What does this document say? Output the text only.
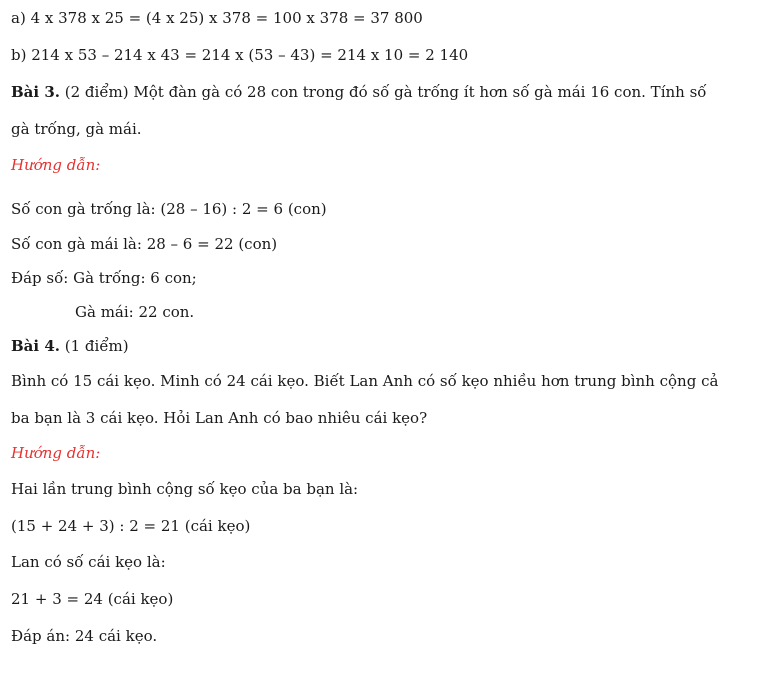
a) 4 x 378 x 25 = (4 x 25) x 378 = 100 x 378 = 37 800
b) 214 x 53 – 214 x 43 = 214 x (53 – 43) = 214 x 10 = 2 140
Bài 3. (2 điểm) Một đàn gà có 28 con trong đó số gà trống ít hơn số gà mái 16 con. Tính số
gà trống, gà mái.
Hướng dẫn:
Số con gà trống là: (28 – 16) : 2 = 6 (con)
Số con gà mái là: 28 – 6 = 22 (con)
Đáp số: Gà trống: 6 con;
Gà mái: 22 con.
Bài 4. (1 điểm)
Bình có 15 cái kẹo. Minh có 24 cái kẹo. Biết Lan Anh có số kẹo nhiều hơn trung bình cộng cả
ba bạn là 3 cái kẹo. Hỏi Lan Anh có bao nhiêu cái kẹo?
Hướng dẫn:
Hai lần trung bình cộng số kẹo của ba bạn là:
(15 + 24 + 3) : 2 = 21 (cái kẹo)
Lan có số cái kẹo là:
21 + 3 = 24 (cái kẹo)
Đáp án: 24 cái kẹo.
